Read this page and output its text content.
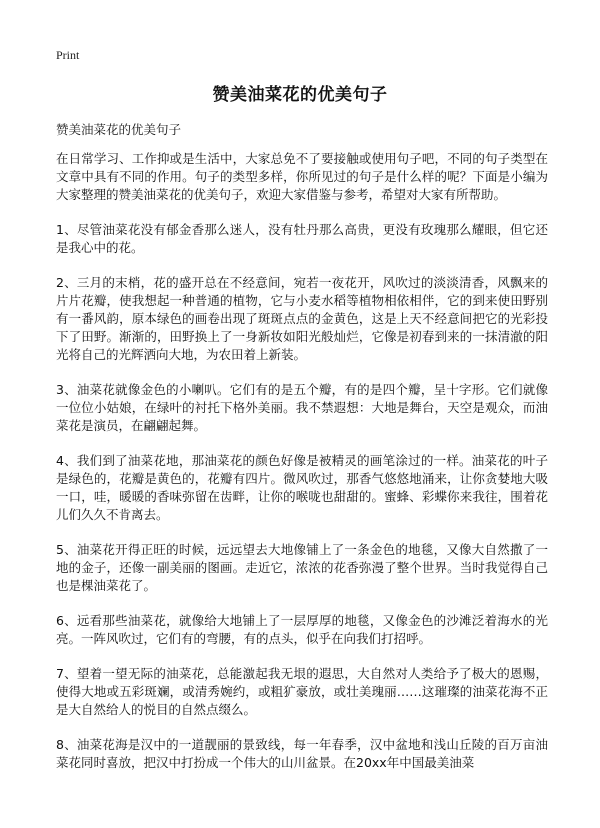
Print
赞美油菜花的优美句子
赞美油菜花的优美句子

在日常学习、工作抑或是生活中，大家总免不了要接触或使用句子吧，不同的句子类型在文章中具有不同的作用。句子的类型多样，你所见过的句子是什么样的呢？下面是小编为大家整理的赞美油菜花的优美句子，欢迎大家借鉴与参考，希望对大家有所帮助。

1、尽管油菜花没有郁金香那么迷人，没有牡丹那么高贵，更没有玫瑰那么耀眼，但它还是我心中的花。

2、三月的末梢，花的盛开总在不经意间，宛若一夜花开，风吹过的淡淡清香，风飘来的片片花瓣，使我想起一种普通的植物，它与小麦水稻等植物相依相伴，它的到来使田野别有一番风韵，原本绿色的画卷出现了斑斑点点的金黄色，这是上天不经意间把它的光彩投下了田野。渐渐的，田野换上了一身新妆如阳光般灿烂，它像是初春到来的一抹清澈的阳光将自己的光辉洒向大地，为农田着上新装。

3、油菜花就像金色的小喇叭。它们有的是五个瓣，有的是四个瓣，呈十字形。它们就像一位位小姑娘，在绿叶的衬托下格外美丽。我不禁遐想：大地是舞台，天空是观众，而油菜花是演员，在翩翩起舞。

4、我们到了油菜花地，那油菜花的颜色好像是被精灵的画笔涂过的一样。油菜花的叶子是绿色的，花瓣是黄色的，花瓣有四片。微风吹过，那香气悠悠地涌来，让你贪婪地大吸一口，哇，暖暖的香味弥留在齿畔，让你的喉咙也甜甜的。蜜蜂、彩蝶你来我往，围着花儿们久久不肯离去。

5、油菜花开得正旺的时候，远远望去大地像铺上了一条金色的地毯，又像大自然撒了一地的金子，还像一副美丽的图画。走近它，浓浓的花香弥漫了整个世界。当时我觉得自己也是棵油菜花了。

6、远看那些油菜花，就像给大地铺上了一层厚厚的地毯，又像金色的沙滩泛着海水的光亮。一阵风吹过，它们有的弯腰，有的点头，似乎在向我们打招呼。

7、望着一望无际的油菜花，总能激起我无垠的遐思，大自然对人类给予了极大的恩赐，使得大地或五彩斑斓，或清秀婉约，或粗犷豪放，或壮美瑰丽……这璀璨的油菜花海不正是大自然给人的悦目的自然点缀么。

8、油菜花海是汉中的一道靓丽的景致线，每一年春季，汉中盆地和浅山丘陵的百万亩油菜花同时喜放，把汉中打扮成一个伟大的山川盆景。在20xx年中国最美油菜
